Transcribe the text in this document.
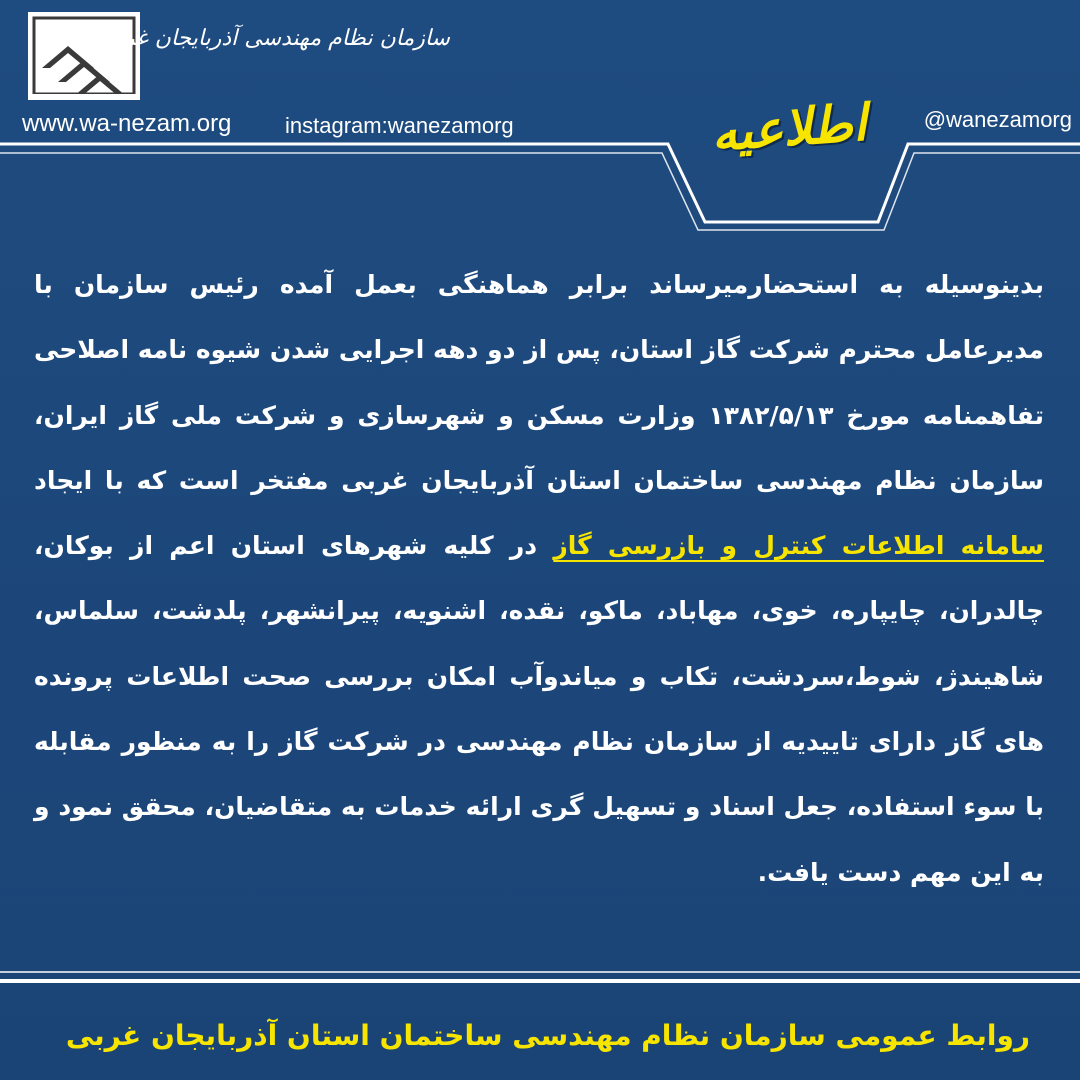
سازمان نظام مهندسی آذربایجان غربی
www.wa-nezam.org instagram:wanezamorg	@wanezamorg
اطلاعیه
بدینوسیله به استحضارمیرساند برابر هماهنگی بعمل آمده رئیس سازمان با مدیرعامل محترم شرکت گاز استان، پس از دو دهه اجرایی شدن شیوه نامه اصلاحی تفاهمنامه مورخ ۱۳۸۲/۵/۱۳ وزارت مسکن و شهرسازی و شرکت ملی گاز ایران، سازمان نظام مهندسی ساختمان استان آذربایجان غربی مفتخر است که با ایجاد سامانه اطلاعات کنترل و بازرسی گاز در کلیه شهرهای استان اعم از بوکان، چالدران، چایپاره، خوی، مهاباد، ماکو، نقده، اشنویه، پیرانشهر، پلدشت، سلماس، شاهیندژ، شوط،سردشت، تکاب و میاندوآب امکان بررسی صحت اطلاعات پرونده های گاز دارای تاییدیه از سازمان نظام مهندسی در شرکت گاز را به منظور مقابله با سوء استفاده، جعل اسناد و تسهیل گری ارائه خدمات به متقاضیان، محقق نمود و به این مهم دست یافت.
روابط عمومی سازمان نظام مهندسی ساختمان استان آذربایجان غربی
